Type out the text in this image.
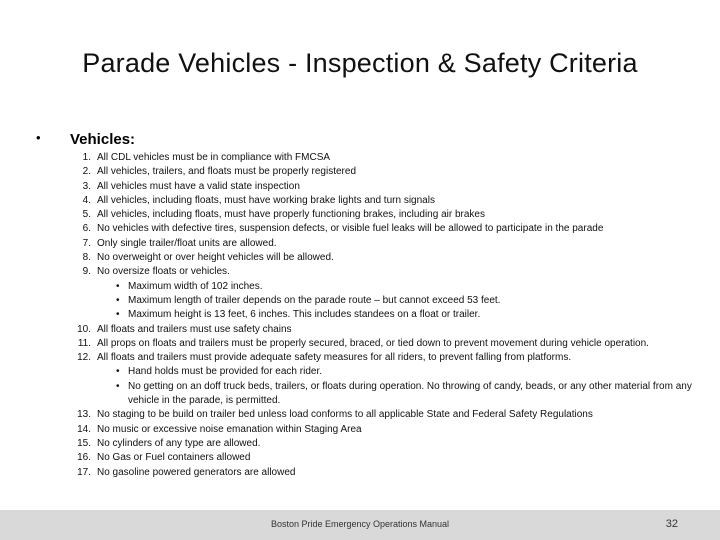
Parade Vehicles - Inspection & Safety Criteria
• Vehicles:
1. All CDL vehicles must be in compliance with FMCSA
2. All vehicles, trailers, and floats must be properly registered
3. All vehicles must have a valid state inspection
4. All vehicles, including floats, must have working brake lights and turn signals
5. All vehicles, including floats, must have properly functioning brakes, including air brakes
6. No vehicles with defective tires, suspension defects, or visible fuel leaks will be allowed to participate in the parade
7. Only single trailer/float units are allowed.
8. No overweight or over height vehicles will be allowed.
9. No oversize floats or vehicles.
• Maximum width of 102 inches.
• Maximum length of trailer depends on the parade route – but cannot exceed 53 feet.
• Maximum height is 13 feet, 6 inches. This includes standees on a float or trailer.
10. All floats and trailers must use safety chains
11. All props on floats and trailers must be properly secured, braced, or tied down to prevent movement during vehicle operation.
12. All floats and trailers must provide adequate safety measures for all riders, to prevent falling from platforms.
• Hand holds must be provided for each rider.
• No getting on an doff truck beds, trailers, or floats during operation. No throwing of candy, beads, or any other material from any vehicle in the parade, is permitted.
13. No staging to be build on trailer bed unless load conforms to all applicable State and Federal Safety Regulations
14. No music or excessive noise emanation within Staging Area
15. No cylinders of any type are allowed.
16. No Gas or Fuel containers allowed
17. No gasoline powered generators are allowed
Boston Pride Emergency Operations Manual	32
